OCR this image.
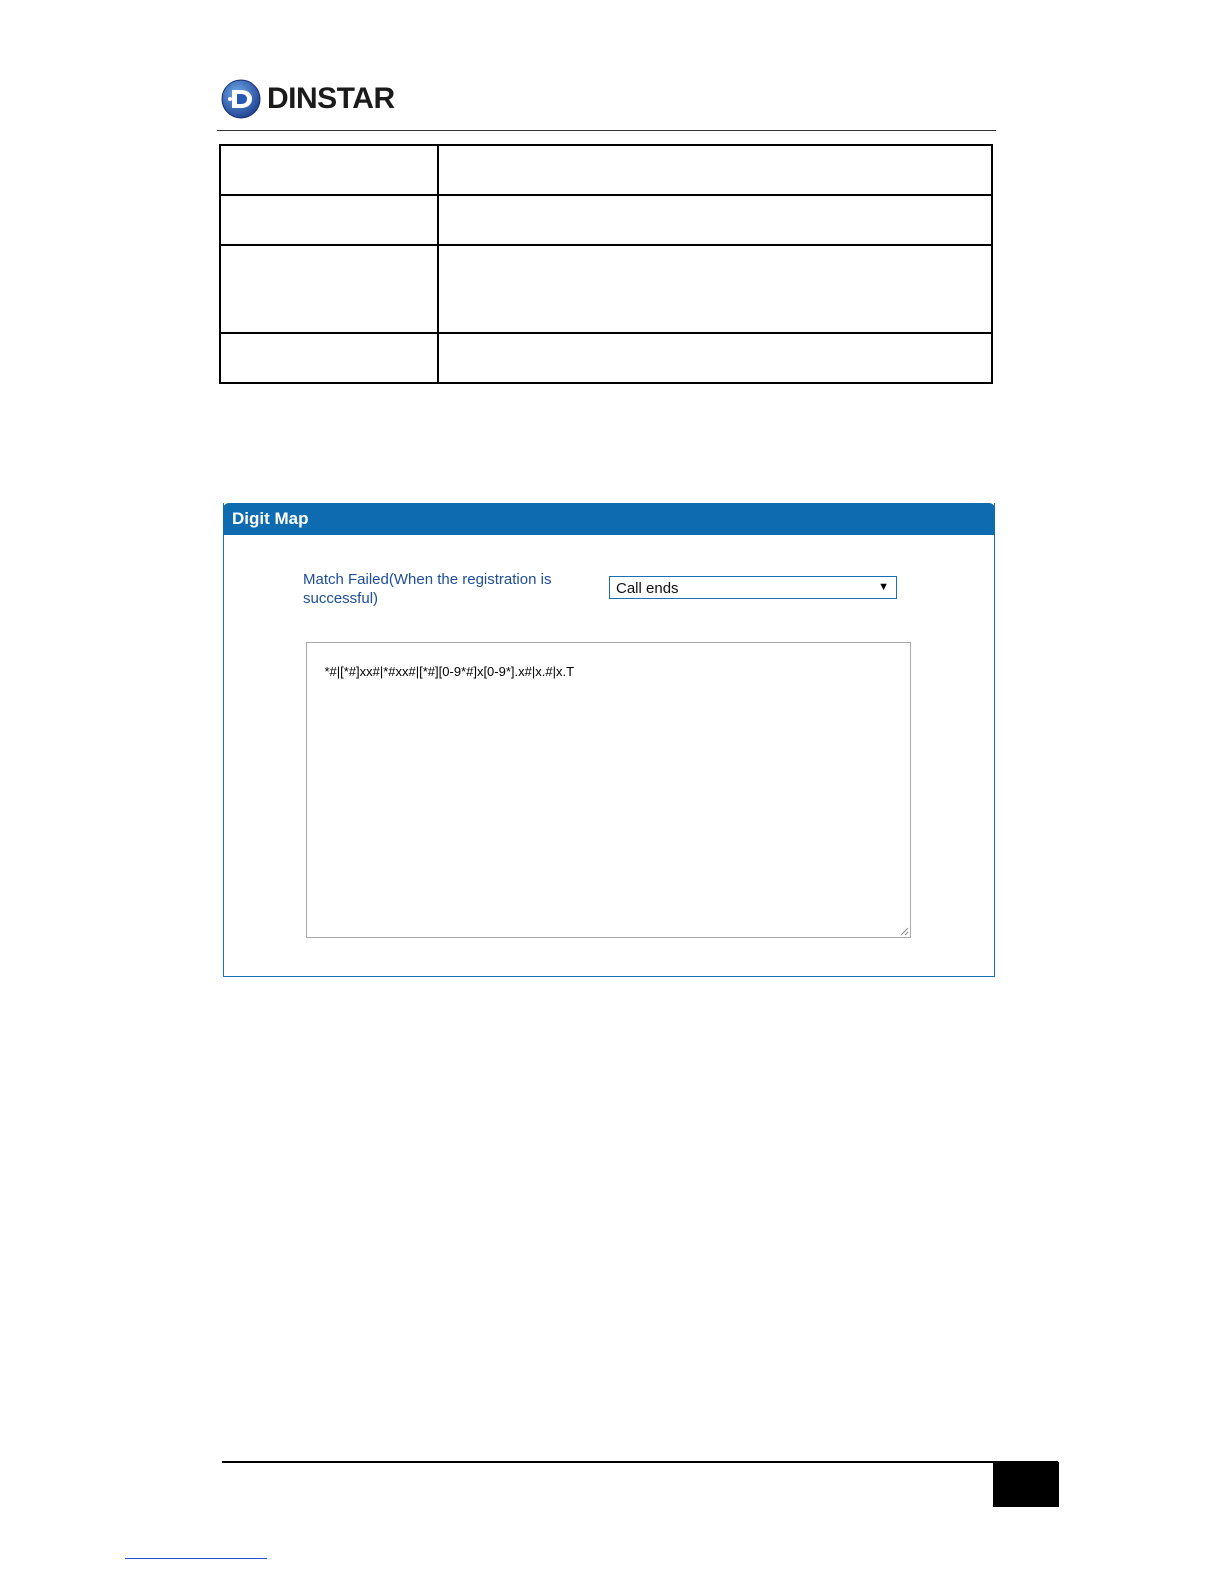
DINSTAR

Digit Map
Match Failed(When the registration is successful)
Call ends	▼

*#|[*#]xx#|*#xx#|[*#][0-9*#]x[0-9*].x#|x.#|x.T
